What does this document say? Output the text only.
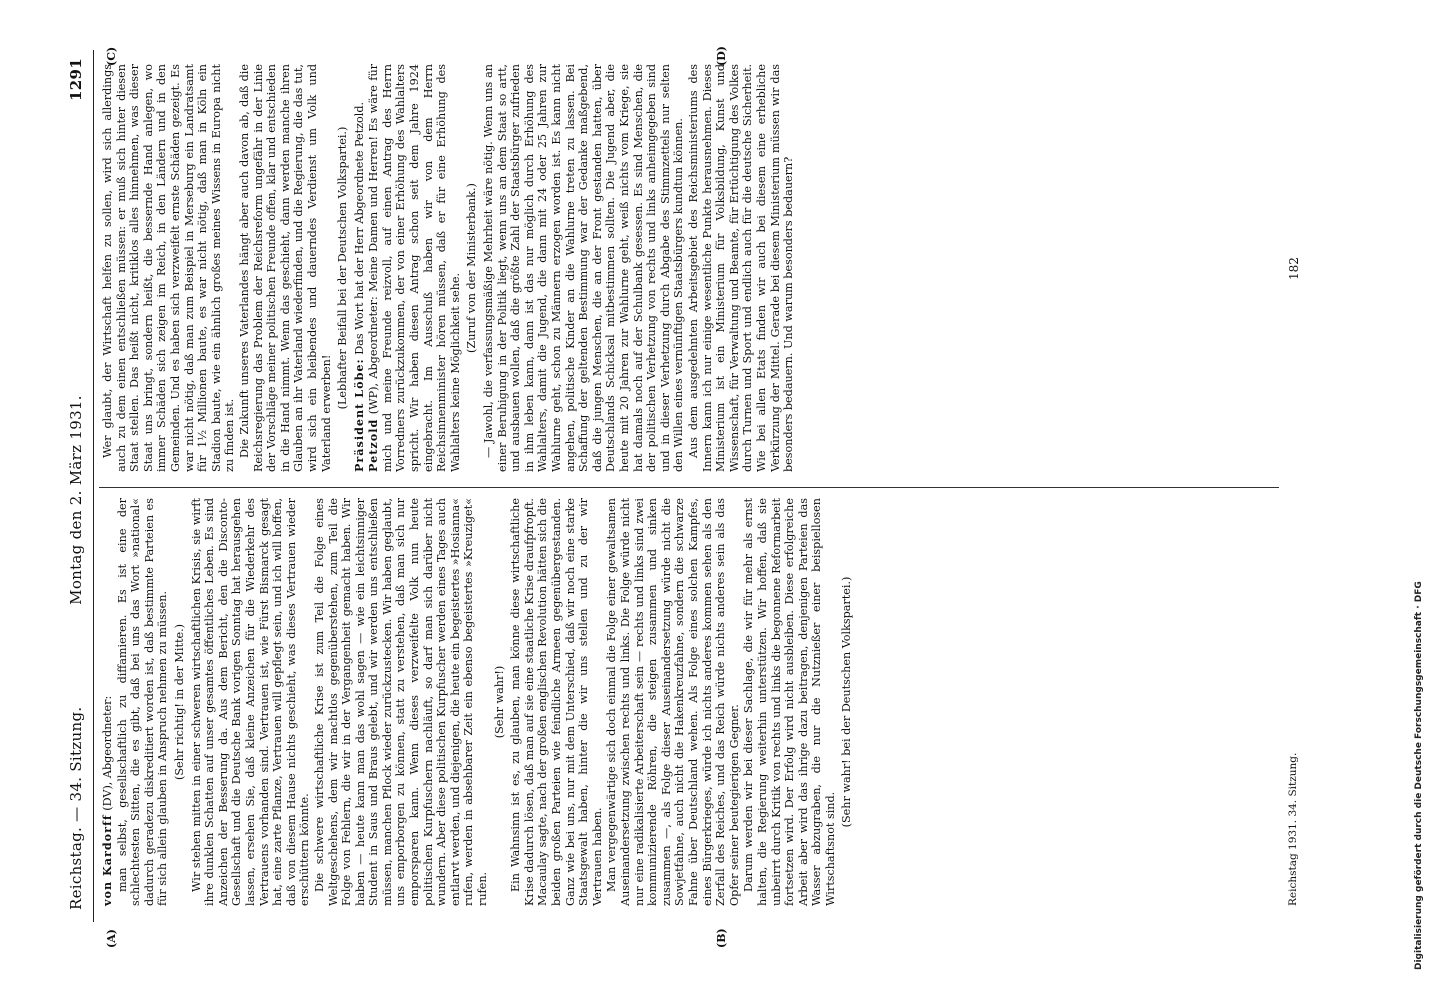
Reichstag. — 34. Sitzung.
Montag den 2. März 1931.
1291
(A)	(B)
(C)	(D)

von Kardorff (DV), Abgeordneter: man selbst, gesellschaftlich zu diffamieren. Es ist eine der schlechtesten Sitten, die es gibt, daß bei uns das Wort »national« dadurch geradezu diskreditiert worden ist, daß bestimmte Parteien es für sich allein glauben in Anspruch nehmen zu müssen. (Sehr richtig! in der Mitte.) Wir stehen mitten in einer schweren wirtschaftlichen Krisis, sie wirft ihre dunklen Schatten auf unser gesamtes öffentliches Leben. Es sind Anzeichen der Besserung da. Aus dem Bericht, den die Disconto-Gesellschaft und die Deutsche Bank vorigen Sonntag hat herausgehen lassen, ersehen Sie, daß kleine Anzeichen für die Wiederkehr des Vertrauens vorhanden sind. Vertrauen ist, wie Fürst Bismarck gesagt hat, eine zarte Pflanze, Vertrauen will gepflegt sein, und ich will hoffen, daß von diesem Hause nichts geschieht, was dieses Vertrauen wieder erschüttern könnte. Die schwere wirtschaftliche Krise ist zum Teil die Folge eines Weltgeschehens, dem wir machtlos gegenüberstehen, zum Teil die Folge von Fehlern, die wir in der Vergangenheit gemacht haben. Wir haben — heute kann man das wohl sagen — wie ein leichtsinniger Student in Saus und Braus gelebt, und wir werden uns entschließen müssen, manchen Pflock wieder zurückzustecken. Wir haben geglaubt, uns emporborgen zu können, statt zu verstehen, daß man sich nur emporsparen kann. Wenn dieses verzweifelte Volk nun heute politischen Kurpfuschern nachläuft, so darf man sich darüber nicht wundern. Aber diese politischen Kurpfuscher werden eines Tages auch entlarvt werden, und diejenigen, die heute ein begeistertes »Hosianna« rufen, werden in absehbarer Zeit ein ebenso begeistertes »Kreuziget« rufen.

(Sehr wahr!) Ein Wahnsinn ist es, zu glauben, man könne diese wirtschaftliche Krise dadurch lösen, daß man auf sie eine staatliche Krise draufpfropft. Macaulay sagte, nach der großen englischen Revolution hätten sich die beiden großen Parteien wie feindliche Armeen gegenübergestanden. Ganz wie bei uns, nur mit dem Unterschied, daß wir noch eine starke Staatsgewalt haben, hinter die wir uns stellen und zu der wir Vertrauen haben. Man vergegenwärtige sich doch einmal die Folge einer gewaltsamen Auseinandersetzung zwischen rechts und links. Die Folge würde nicht nur eine radikalisierte Arbeiterschaft sein — rechts und links sind zwei kommunizierende Röhren, die steigen zusammen und sinken zusammen —, als Folge dieser Auseinandersetzung würde nicht die Sowjetfahne, auch nicht die Hakenkreuzfahne, sondern die schwarze Fahne über Deutschland wehen. Als Folge eines solchen Kampfes, eines Bürgerkrieges, würde ich nichts anderes kommen sehen als den Zerfall des Reiches, und das Reich würde nichts anderes sein als das Opfer seiner beutegierigen Gegner. Darum werden wir bei dieser Sachlage, die wir für mehr als ernst halten, die Regierung weiterhin unterstützen. Wir hoffen, daß sie unbeirrt durch Kritik von rechts und links die begonnene Reformarbeit fortsetzen wird. Der Erfolg wird nicht ausbleiben. Diese erfolgreiche Arbeit aber wird das ihrige dazu beitragen, denjenigen Parteien das Wasser abzugraben, die nur die Nutznießer einer beispiellosen Wirtschaftsnot sind.

(Sehr wahr! bei der Deutschen Volkspartei.)

Wer glaubt, der Wirtschaft helfen zu sollen, wird sich allerdings auch zu dem einen entschließen müssen: er muß sich hinter diesen Staat stellen. Das heißt nicht, kritiklos alles hinnehmen, was dieser Staat uns bringt, sondern heißt, die bessernde Hand anlegen, wo immer Schäden sich zeigen im Reich, in den Ländern und in den Gemeinden. Und es haben sich verzweifelt ernste Schäden gezeigt. Es war nicht nötig, daß man zum Beispiel in Merseburg ein Landratsamt für 1½ Millionen baute, es war nicht nötig, daß man in Köln ein Stadion baute, wie ein ähnlich großes meines Wissens in Europa nicht zu finden ist. Die Zukunft unseres Vaterlandes hängt aber auch davon ab, daß die Reichsregierung das Problem der Reichsreform ungefähr in der Linie der Vorschläge meiner politischen Freunde offen, klar und entschieden in die Hand nimmt. Wenn das geschieht, dann werden manche ihren Glauben an ihr Vaterland wiederfinden, und die Regierung, die das tut, wird sich ein bleibendes und dauerndes Verdienst um Volk und Vaterland erwerben!

(Lebhafter Beifall bei der Deutschen Volkspartei.)

Präsident Löbe: Das Wort hat der Herr Abgeordnete Petzold.

Petzold (WP), Abgeordneter: Meine Damen und Herren! Es wäre für mich und meine Freunde reizvoll, auf einen Antrag des Herrn Vorredners zurückzukommen, der von einer Erhöhung des Wahlalters spricht. Wir haben diesen Antrag schon seit dem Jahre 1924 eingebracht. Im Ausschuß haben wir von dem Herrn Reichsinnenminister hören müssen, daß er für eine Erhöhung des Wahlalters keine Möglichkeit sehe.

(Zuruf von der Ministerbank.) — Jawohl, die verfassungsmäßige Mehrheit wäre nötig. Wenn uns an einer Beruhigung in der Politik liegt, wenn uns an dem Staat so artt, und ausbauen wollen, daß die größte Zahl der Staatsbürger zufrieden in ihm leben kann, dann ist das nur möglich durch Erhöhung des Wahlalters, damit die Jugend, die dann mit 24 oder 25 Jahren zur Wahlurne geht, schon zu Männern erzogen worden ist. Es kann nicht angehen, politische Kinder an die Wahlurne treten zu lassen. Bei Schaffung der geltenden Bestimmung war der Gedanke maßgebend, daß die jungen Menschen, die an der Front gestanden hatten, über Deutschlands Schicksal mitbestimmen sollten. Die Jugend aber, die heute mit 20 Jahren zur Wahlurne geht, weiß nichts vom Kriege, sie hat damals noch auf der Schulbank gesessen. Es sind Menschen, die der politischen Verhetzung von rechts und links anheimgegeben sind und in dieser Verhetzung durch Abgabe des Stimmzettels nur selten den Willen eines vernünftigen Staatsbürgers kundtun können. Aus dem ausgedehnten Arbeitsgebiet des Reichsministeriums des Innern kann ich nur einige wesentliche Punkte herausnehmen. Dieses Ministerium ist ein Ministerium für Volksbildung, Kunst und Wissenschaft, für Verwaltung und Beamte, für Ertüchtigung des Volkes durch Turnen und Sport und endlich auch für die deutsche Sicherheit. Wie bei allen Etats finden wir auch bei diesem eine erhebliche Verkürzung der Mittel. Gerade bei diesem Ministerium müssen wir das besonders bedauern. Und warum besonders bedauern?

Reichstag 1931. 34. Sitzung.
182
Digitalisierung gefördert durch die Deutsche Forschungsgemeinschaft · DFG
